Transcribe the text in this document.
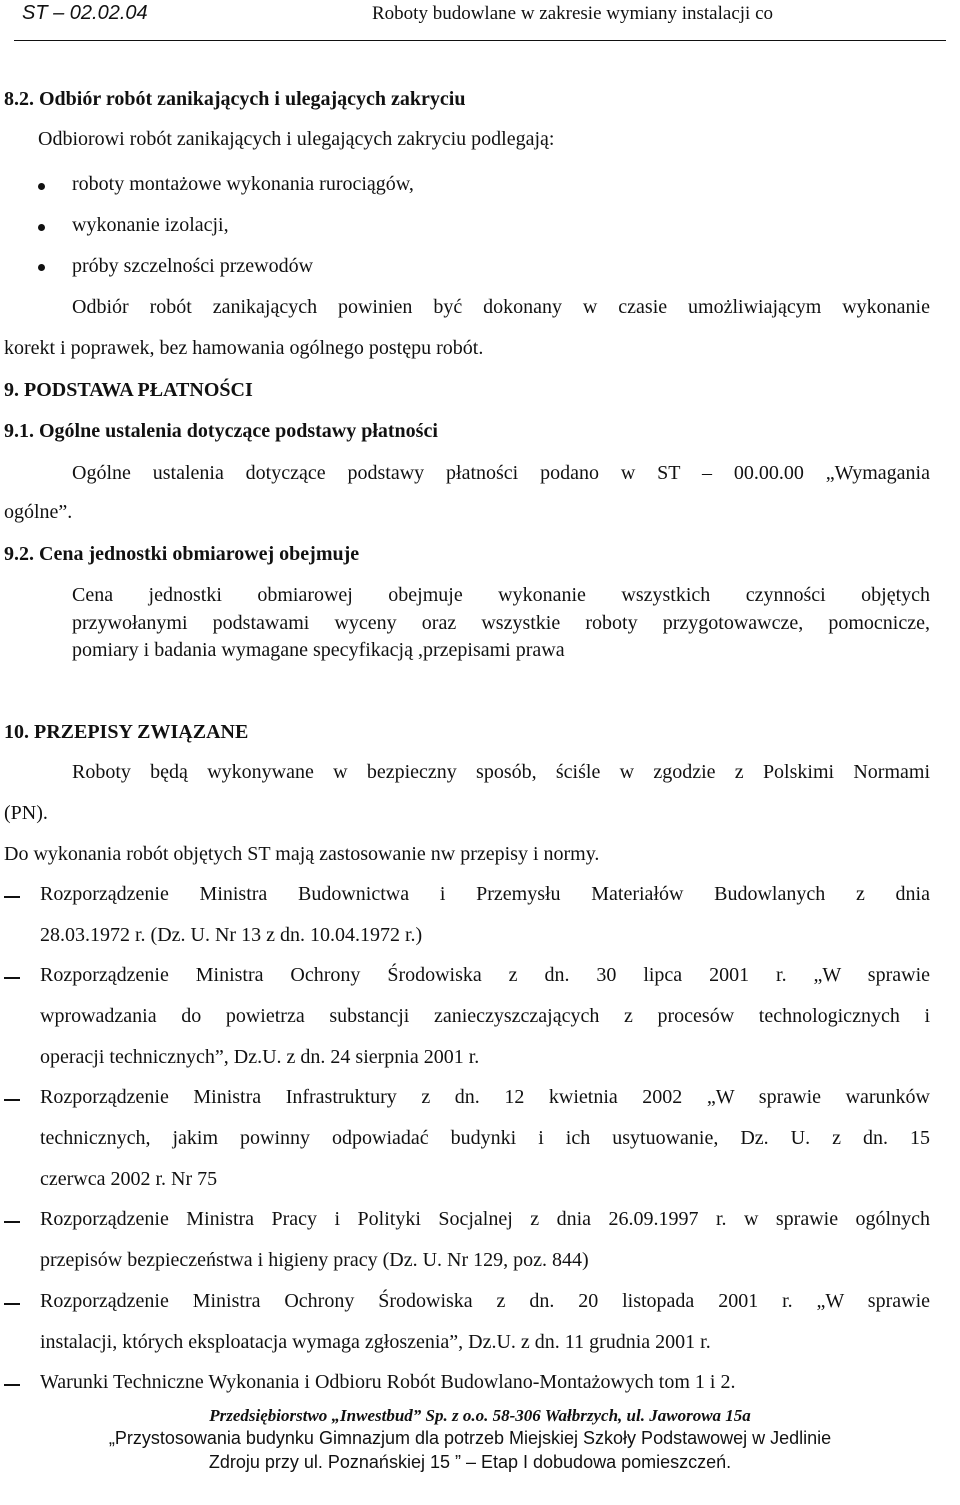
ST – 02.02.04	Roboty budowlane w zakresie wymiany instalacji co
8.2. Odbiór robót zanikających i ulegających zakryciu
Odbiorowi robót zanikających i ulegających zakryciu podlegają:
roboty montażowe wykonania rurociągów,
wykonanie izolacji,
próby szczelności przewodów
Odbiór robót zanikających powinien być dokonany w czasie umożliwiającym wykonanie
korekt i poprawek, bez hamowania ogólnego postępu robót.
9. PODSTAWA PŁATNOŚCI
9.1. Ogólne ustalenia dotyczące podstawy płatności
Ogólne ustalenia dotyczące podstawy płatności podano w ST – 00.00.00 „Wymagania
ogólne”.
9.2. Cena jednostki obmiarowej obejmuje
Cena jednostki obmiarowej obejmuje wykonanie wszystkich czynności objętych
przywołanymi podstawami wyceny oraz wszystkie roboty przygotowawcze, pomocnicze,
pomiary i badania wymagane specyfikacją ,przepisami prawa
10. PRZEPISY ZWIĄZANE
Roboty będą wykonywane w bezpieczny sposób, ściśle w zgodzie z Polskimi Normami
(PN).
Do wykonania robót objętych ST mają zastosowanie nw przepisy i normy.
Rozporządzenie Ministra Budownictwa i Przemysłu Materiałów Budowlanych z dnia
28.03.1972 r. (Dz. U. Nr 13 z dn. 10.04.1972 r.)
Rozporządzenie Ministra Ochrony Środowiska z dn. 30 lipca 2001 r. „W sprawie
wprowadzania do powietrza substancji zanieczyszczających z procesów technologicznych i
operacji technicznych”, Dz.U. z dn. 24 sierpnia 2001 r.
Rozporządzenie Ministra Infrastruktury z dn. 12 kwietnia 2002 „W sprawie warunków
technicznych, jakim powinny odpowiadać budynki i ich usytuowanie, Dz. U. z dn. 15
czerwca 2002 r. Nr 75
Rozporządzenie Ministra Pracy i Polityki Socjalnej z dnia 26.09.1997 r. w sprawie ogólnych
przepisów bezpieczeństwa i higieny pracy (Dz. U. Nr 129, poz. 844)
Rozporządzenie Ministra Ochrony Środowiska z dn. 20 listopada 2001 r. „W sprawie
instalacji, których eksploatacja wymaga zgłoszenia”, Dz.U. z dn. 11 grudnia 2001 r.
Warunki Techniczne Wykonania i Odbioru Robót Budowlano-Montażowych tom 1 i 2.
Przedsiębiorstwo „Inwestbud” Sp. z o.o. 58-306 Wałbrzych, ul. Jaworowa 15a
„Przystosowania budynku Gimnazjum dla potrzeb Miejskiej Szkoły Podstawowej w Jedlinie
Zdroju przy ul. Poznańskiej 15 ” – Etap I dobudowa pomieszczeń.
